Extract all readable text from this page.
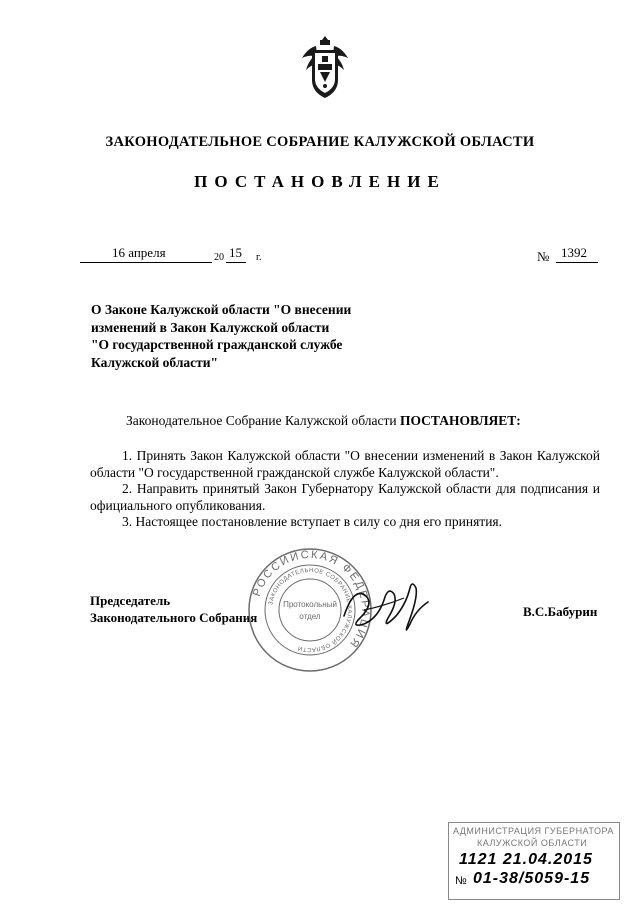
ЗАКОНОДАТЕЛЬНОЕ СОБРАНИЕ КАЛУЖСКОЙ ОБЛАСТИ
ПОСТАНОВЛЕНИЕ
16 апреля	20 15 г.	№ 1392
О Законе Калужской области "О внесении
изменений в Закон Калужской области
"О государственной гражданской службе
Калужской области"
Законодательное Собрание Калужской области ПОСТАНОВЛЯЕТ:

1. Принять Закон Калужской области "О внесении изменений в Закон Калужской области "О государственной гражданской службе Калужской области".

2. Направить принятый Закон Губернатору Калужской области для подписания и официального опубликования.

3. Настоящее постановление вступает в силу со дня его принятия.

Председатель
Законодательного Собрания	В.С.Бабурин
РОССИЙСКАЯ ФЕДЕРАЦИЯ
ЗАКОНОДАТЕЛЬНОЕ СОБРАНИЕ КАЛУЖСКОЙ ОБЛАСТИ
Протокольный
отдел
АДМИНИСТРАЦИЯ ГУБЕРНАТОРА
КАЛУЖСКОЙ ОБЛАСТИ
1121 21.04.2015
№ 01-38/5059-15
